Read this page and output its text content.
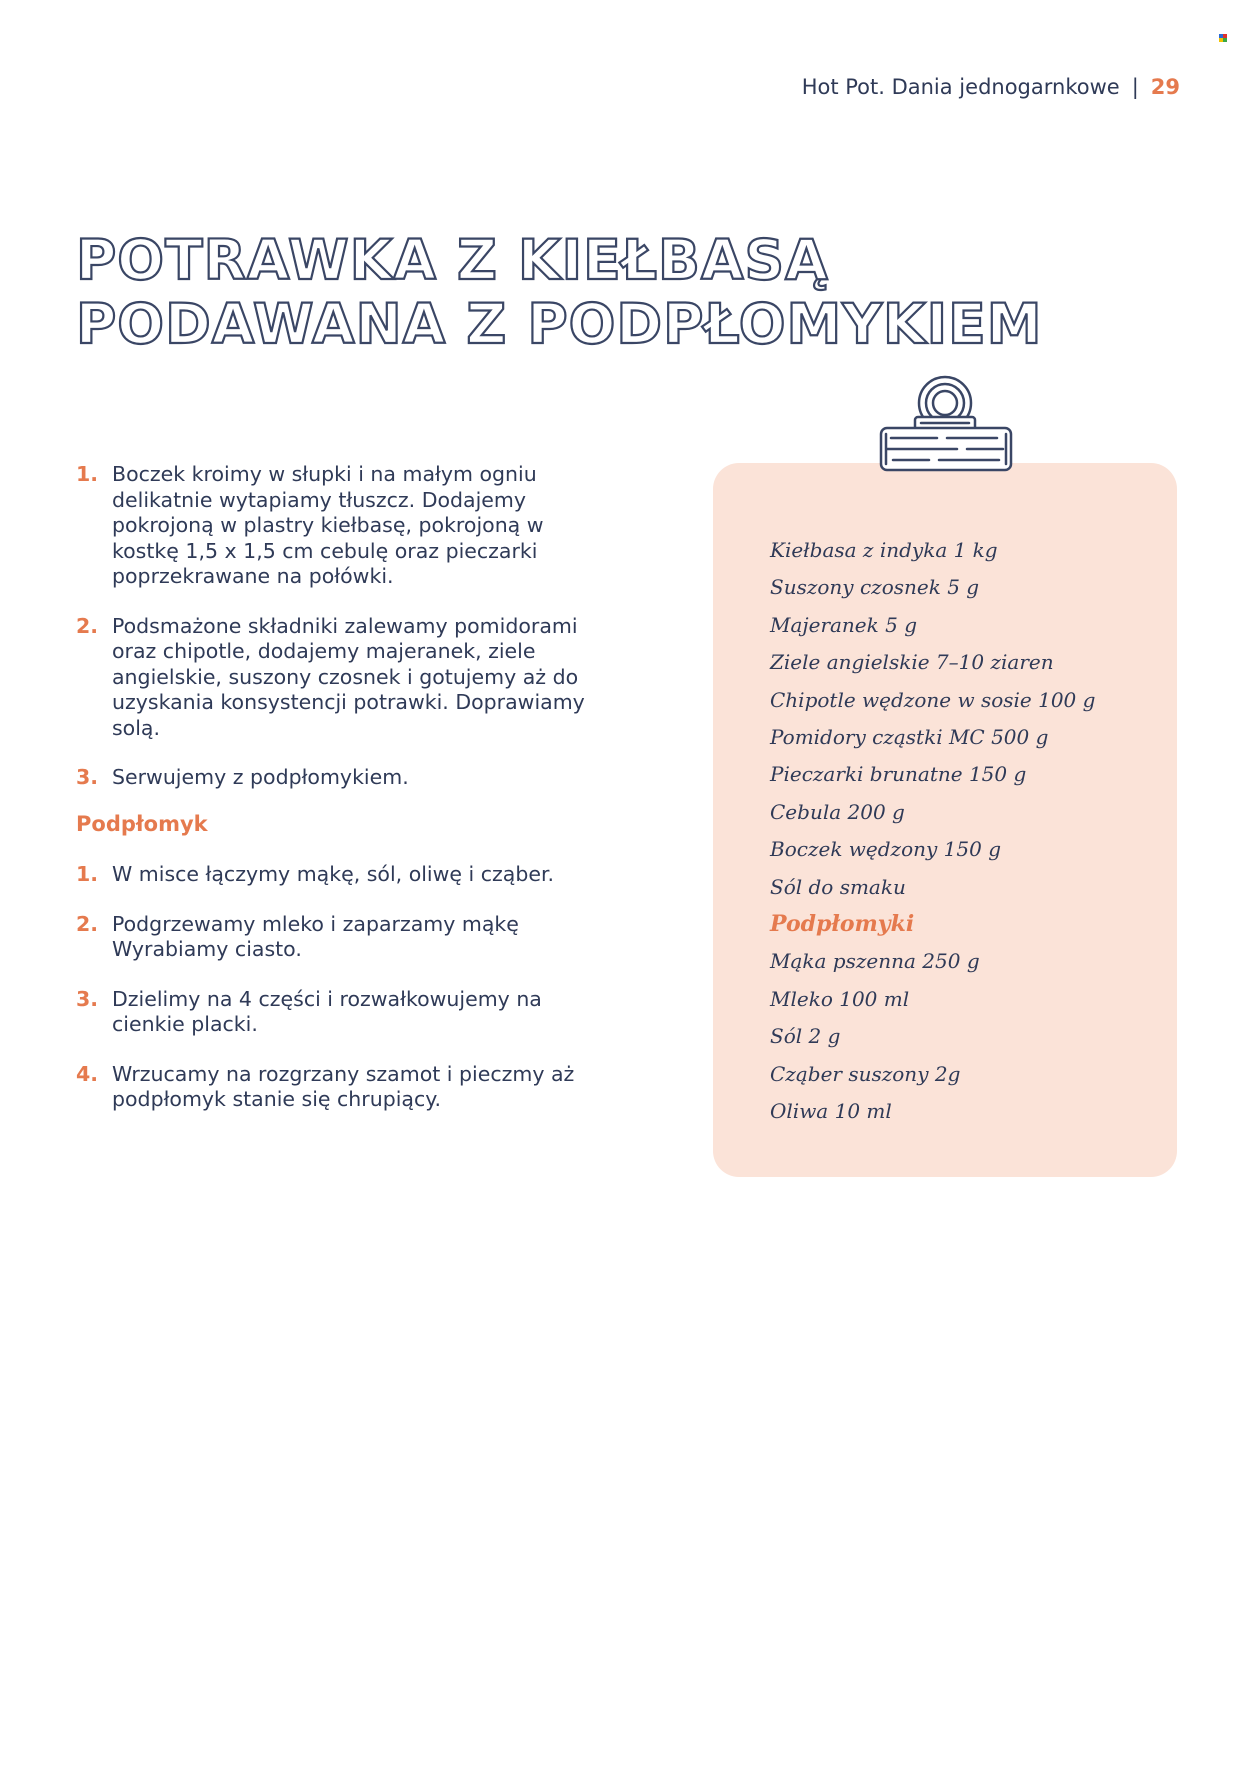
Hot Pot. Dania jednogarnkowe | 29
POTRAWKA Z KIEŁBASĄ
PODAWANA Z PODPŁOMYKIEM
1. Boczek kroimy w słupki i na małym ogniu delikatnie wytapiamy tłuszcz. Dodajemy pokrojoną w plastry kiełbasę, pokrojoną w kostkę 1,5 x 1,5 cm cebulę oraz pieczarki poprzekrawane na połówki.
2. Podsmażone składniki zalewamy pomidorami oraz chipotle, dodajemy majeranek, ziele angielskie, suszony czosnek i gotujemy aż do uzyskania konsystencji potrawki. Doprawiamy solą.
3. Serwujemy z podpłomykiem.
Podpłomyk
1. W misce łączymy mąkę, sól, oliwę i cząber.
2. Podgrzewamy mleko i zaparzamy mąkę Wyrabiamy ciasto.
3. Dzielimy na 4 części i rozwałkowujemy na cienkie placki.
4. Wrzucamy na rozgrzany szamot i pieczmy aż podpłomyk stanie się chrupiący.
Kiełbasa z indyka 1 kg
Suszony czosnek 5 g
Majeranek 5 g
Ziele angielskie 7–10 ziaren
Chipotle wędzone w sosie 100 g
Pomidory cząstki MC 500 g
Pieczarki brunatne 150 g
Cebula 200 g
Boczek wędzony 150 g
Sól do smaku
Podpłomyki
Mąka pszenna 250 g
Mleko 100 ml
Sól 2 g
Cząber suszony 2g
Oliwa 10 ml
